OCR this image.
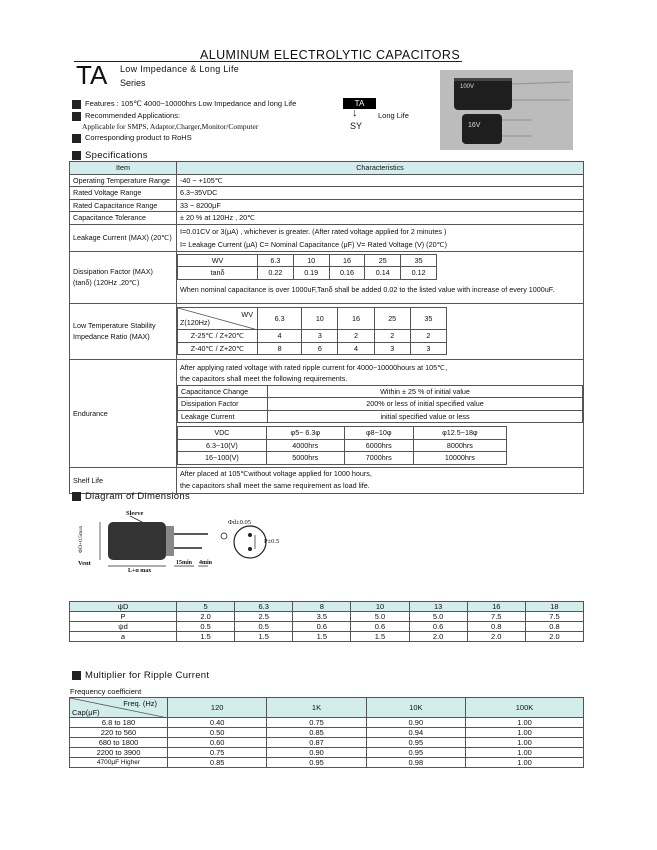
ALUMINUM ELECTROLYTIC CAPACITORS
TA Low Impedance & Long Life
Series
Features : 105℃ 4000~10000hrs Low Impedance and long Life
Recommended Applications:
Applicable for SMPS, Adaptor,Charger,Monitor/Computer
Corresponding product to RoHS
TA
↓
SY
Long Life
100V
16V
Specifications
Item	Characteristics
Operating Temperature Range	-40 ~ +105℃
Rated Voltage Range	6.3~35VDC
Rated Capacitance Range	33 ~ 8200μF
Capacitance Tolerance	± 20 % at 120Hz , 20℃
Leakage Current (MAX) (20℃)	
I=0.01CV or 3(μA) , whichever is greater. (After rated voltage applied for 2 minutes )
I= Leakage Current (μA) C= Nominal Capacitance (μF) V= Rated Voltage (V) (20℃)

Dissipation Factor (MAX)
(tanδ) (120Hz ,20℃)

WV	6.3	10	16	25	35
tanδ	0.22	0.19	0.16	0.14	0.12
When nominal capacitance is over 1000uF,Tanδ shall be added 0.02 to the listed value with increase of every 1000uF.

Low Temperature Stability
Impedance Ratio (MAX)

WV
Z(120Hz)	6.3	10	16	25	35
Z-25℃ / Z+20℃	4	3	2	2	2
Z-40℃ / Z+20℃	8	6	4	3	3

Endurance	
After applying rated voltage with rated ripple current for 4000~10000hours at 105℃,
the capacitors shall meet the following requirements.
Capacitance Change	Within ± 25 % of initial value
Dissipation Factor	200% or less of initial specified value
Leakage Current	initial specified value or less
VDC	φ5~ 6.3φ	φ8~10φ	φ12.5~18φ
6.3~10(V)	4000hrs	6000hrs	8000hrs
16~100(V)	5000hrs	7000hrs	10000hrs

Shelf Life	
After placed at 105℃without voltage applied for 1000 hours,
the capacitors shall meet the same requirement as load life.
Diagram of Dimensions
Sleeve
Vent
L+α max
15min 4min
ΦD+0.5max
Φd±0.05
P±0.5
ψD	5	6.3	8	10	13	16	18
P	2.0	2.5	3.5	5.0	5.0	7.5	7.5
ψd	0.5	0.5	0.6	0.6	0.6	0.8	0.8
a	1.5	1.5	1.5	1.5	2.0	2.0	2.0
Multiplier for Ripple Current
Frequency coefficient
Freq. (Hz)
Cap(μF)	120	1K	10K	100K
6.8 to 180	0.40	0.75	0.90	1.00
220 to 560	0.50	0.85	0.94	1.00
680 to 1800	0.60	0.87	0.95	1.00
2200 to 3900	0.75	0.90	0.95	1.00
4700μF Higher	0.85	0.95	0.98	1.00
